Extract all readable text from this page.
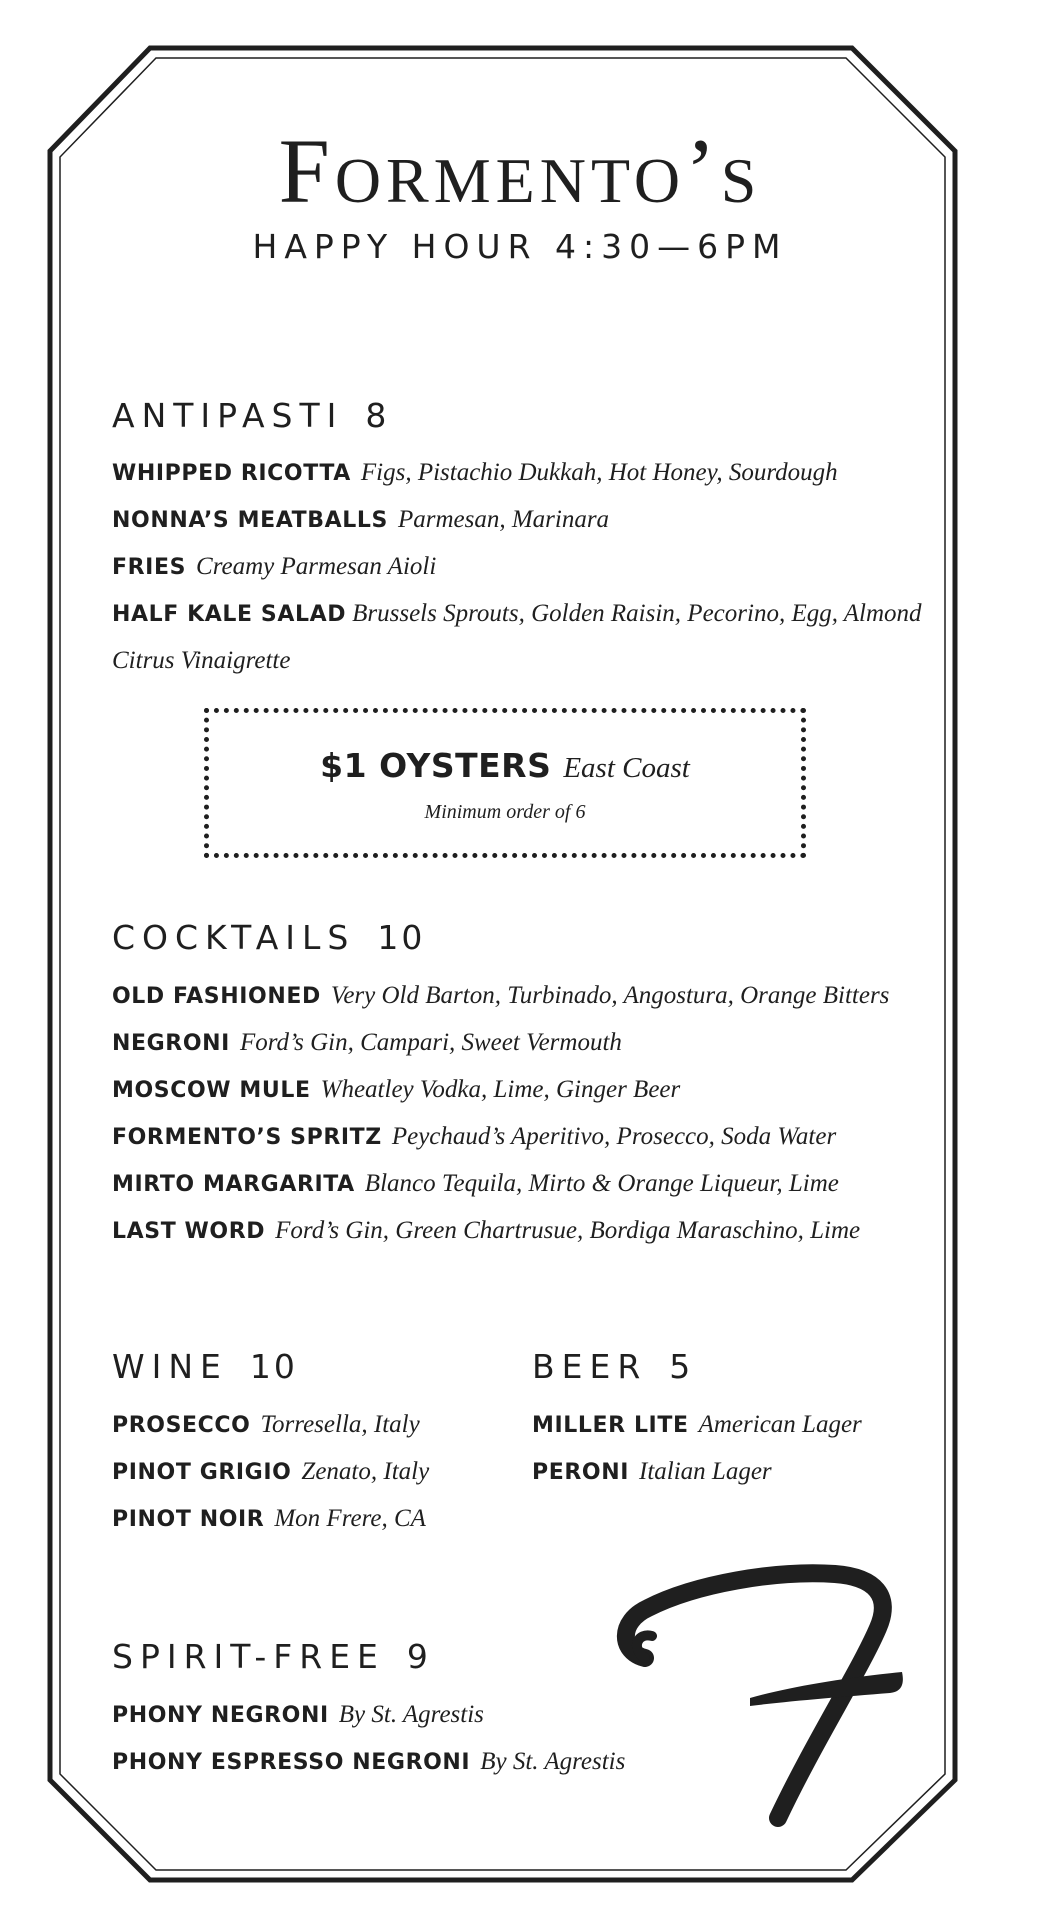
Formento’s
HAPPY HOUR 4:30—6PM
ANTIPASTI 8
WHIPPED RICOTTA Figs, Pistachio Dukkah, Hot Honey, Sourdough
NONNA’S MEATBALLS Parmesan, Marinara
FRIES Creamy Parmesan Aioli
HALF KALE SALAD Brussels Sprouts, Golden Raisin, Pecorino, Egg, Almond
Citrus Vinaigrette
$1 OYSTERS East Coast
Minimum order of 6
COCKTAILS 10
OLD FASHIONED Very Old Barton, Turbinado, Angostura, Orange Bitters
NEGRONI Ford’s Gin, Campari, Sweet Vermouth
MOSCOW MULE Wheatley Vodka, Lime, Ginger Beer
FORMENTO’S SPRITZ Peychaud’s Aperitivo, Prosecco, Soda Water
MIRTO MARGARITA Blanco Tequila, Mirto & Orange Liqueur, Lime
LAST WORD Ford’s Gin, Green Chartrusue, Bordiga Maraschino, Lime
WINE 10
PROSECCO Torresella, Italy
PINOT GRIGIO Zenato, Italy
PINOT NOIR Mon Frere, CA
BEER 5
MILLER LITE American Lager
PERONI Italian Lager
SPIRIT-FREE 9
PHONY NEGRONI By St. Agrestis
PHONY ESPRESSO NEGRONI By St. Agrestis
